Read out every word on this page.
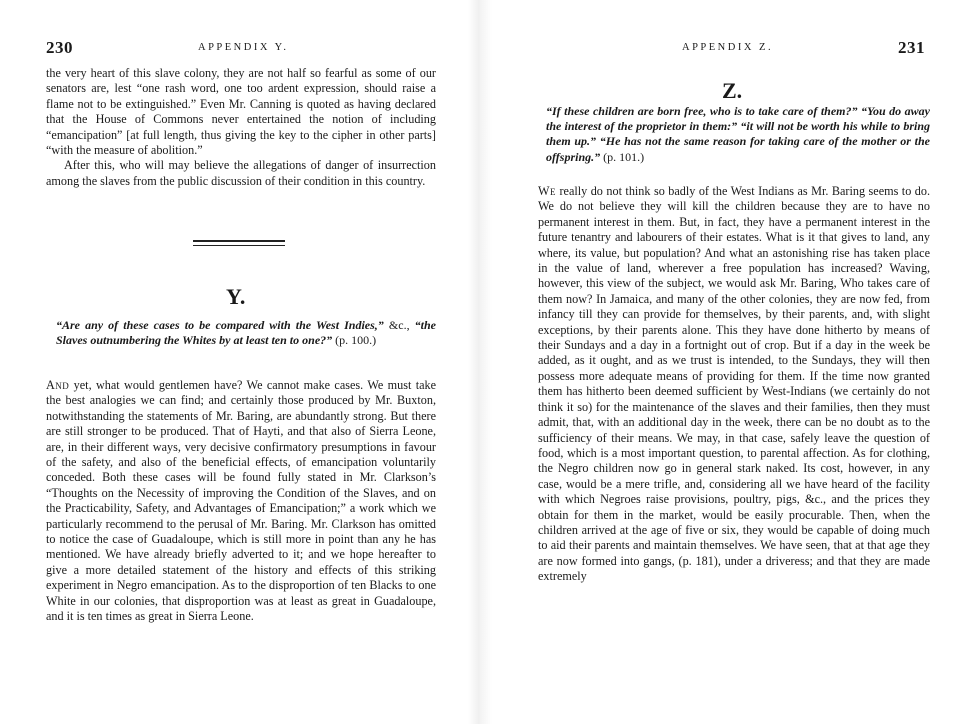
230	APPENDIX Y.

the very heart of this slave colony, they are not half so fearful as some of our senators are, lest “one rash word, one too ardent expression, should raise a flame not to be extinguished.” Even Mr. Canning is quoted as having declared that the House of Commons never entertained the notion of including “emancipation” [at full length, thus giving the key to the cipher in other parts] “with the measure of abolition.”

After this, who will may believe the allegations of danger of insurrection among the slaves from the public discussion of their condition in this country.

Y.
“Are any of these cases to be compared with the West Indies,” &c., “the Slaves outnumbering the Whites by at least ten to one?” (p. 100.)

And yet, what would gentlemen have? We cannot make cases. We must take the best analogies we can find; and certainly those produced by Mr. Buxton, notwithstanding the statements of Mr. Baring, are abundantly strong. But there are still stronger to be produced. That of Hayti, and that also of Sierra Leone, are, in their different ways, very decisive confirmatory presumptions in favour of the safety, and also of the beneficial effects, of emancipation voluntarily conceded. Both these cases will be found fully stated in Mr. Clarkson’s “Thoughts on the Necessity of improving the Condition of the Slaves, and on the Practicability, Safety, and Advantages of Emancipation;” a work which we particularly recommend to the perusal of Mr. Baring. Mr. Clarkson has omitted to notice the case of Guadaloupe, which is still more in point than any he has mentioned. We have already briefly adverted to it; and we hope hereafter to give a more detailed statement of the history and effects of this striking experiment in Negro emancipation. As to the disproportion of ten Blacks to one White in our colonies, that disproportion was at least as great in Guadaloupe, and it is ten times as great in Sierra Leone.

APPENDIX Z.	231
Z.
“If these children are born free, who is to take care of them?” “You do away the interest of the proprietor in them:” “it will not be worth his while to bring them up.” “He has not the same reason for taking care of the mother or the offspring.” (p. 101.)

We really do not think so badly of the West Indians as Mr. Baring seems to do. We do not believe they will kill the children because they are to have no permanent interest in them. But, in fact, they have a permanent interest in the future tenantry and labourers of their estates. What is it that gives to land, any where, its value, but population? And what an astonishing rise has taken place in the value of land, wherever a free population has increased? Waving, however, this view of the subject, we would ask Mr. Baring, Who takes care of them now? In Jamaica, and many of the other colonies, they are now fed, from infancy till they can provide for themselves, by their parents, and, with slight exceptions, by their parents alone. This they have done hitherto by means of their Sundays and a day in a fortnight out of crop. But if a day in the week be added, as it ought, and as we trust is intended, to the Sundays, they will then possess more adequate means of providing for them. If the time now granted them has hitherto been deemed sufficient by West-Indians (we certainly do not think it so) for the maintenance of the slaves and their families, then they must admit, that, with an additional day in the week, there can be no doubt as to the sufficiency of their means. We may, in that case, safely leave the question of food, which is a most important question, to parental affection. As for clothing, the Negro children now go in general stark naked. Its cost, however, in any case, would be a mere trifle, and, considering all we have heard of the facility with which Negroes raise provisions, poultry, pigs, &c., and the prices they obtain for them in the market, would be easily procurable. Then, when the children arrived at the age of five or six, they would be capable of doing much to aid their parents and maintain themselves. We have seen, that at that age they are now formed into gangs, (p. 181), under a driveress; and that they are made extremely
